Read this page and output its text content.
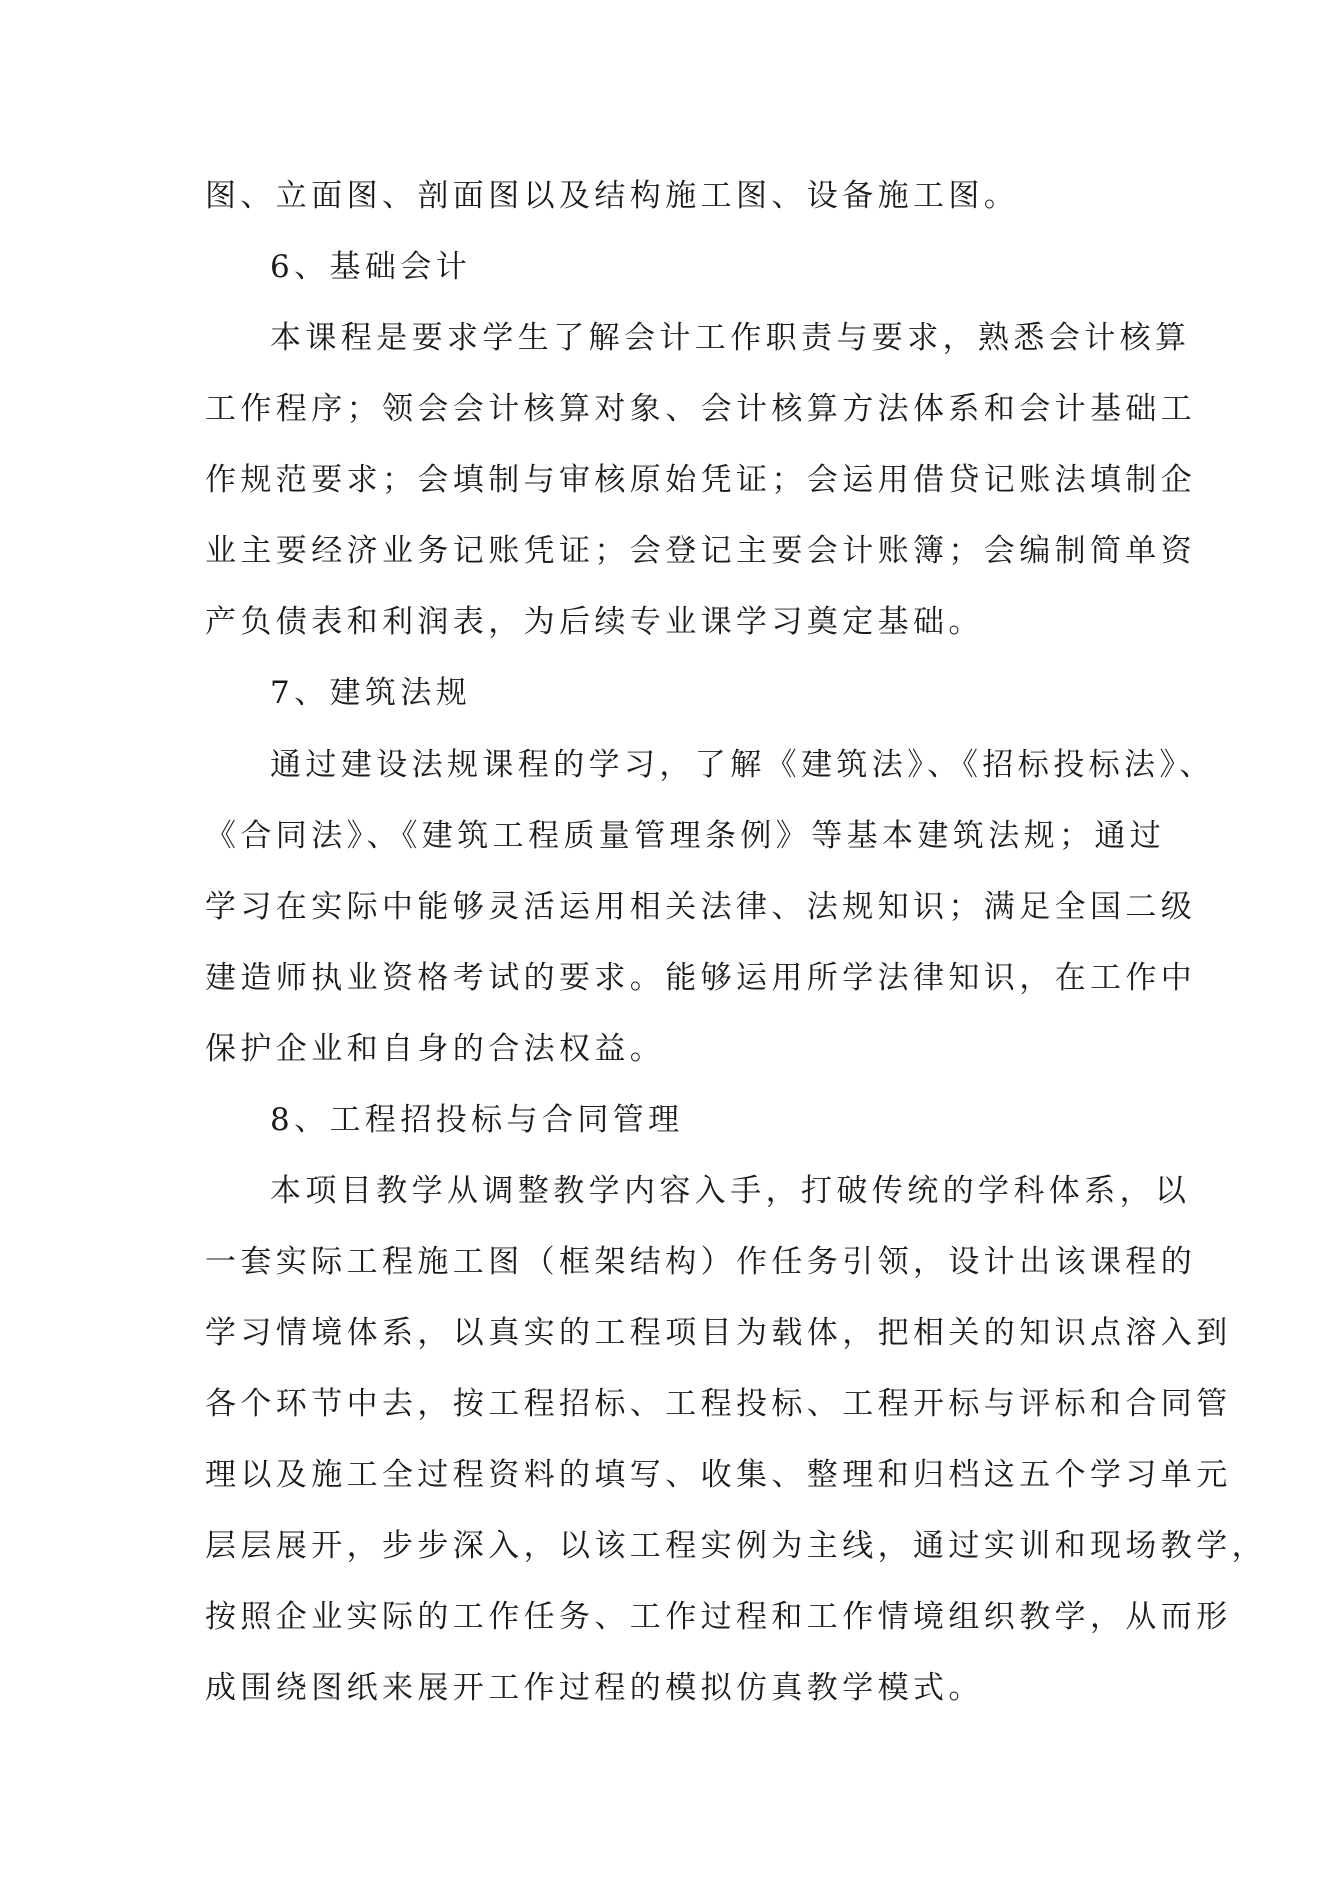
图、立面图、剖面图以及结构施工图、设备施工图。
6、基础会计
本课程是要求学生了解会计工作职责与要求，熟悉会计核算
工作程序；领会会计核算对象、会计核算方法体系和会计基础工
作规范要求；会填制与审核原始凭证；会运用借贷记账法填制企
业主要经济业务记账凭证；会登记主要会计账簿；会编制简单资
产负债表和利润表，为后续专业课学习奠定基础。
7、建筑法规
通过建设法规课程的学习，了解《建筑法》、《招标投标法》、
《合同法》、《建筑工程质量管理条例》等基本建筑法规；通过
学习在实际中能够灵活运用相关法律、法规知识；满足全国二级
建造师执业资格考试的要求。能够运用所学法律知识，在工作中
保护企业和自身的合法权益。
8、工程招投标与合同管理
本项目教学从调整教学内容入手，打破传统的学科体系，以
一套实际工程施工图（框架结构）作任务引领，设计出该课程的
学习情境体系，以真实的工程项目为载体，把相关的知识点溶入到
各个环节中去，按工程招标、工程投标、工程开标与评标和合同管
理以及施工全过程资料的填写、收集、整理和归档这五个学习单元
层层展开，步步深入，以该工程实例为主线，通过实训和现场教学，
按照企业实际的工作任务、工作过程和工作情境组织教学，从而形
成围绕图纸来展开工作过程的模拟仿真教学模式。
